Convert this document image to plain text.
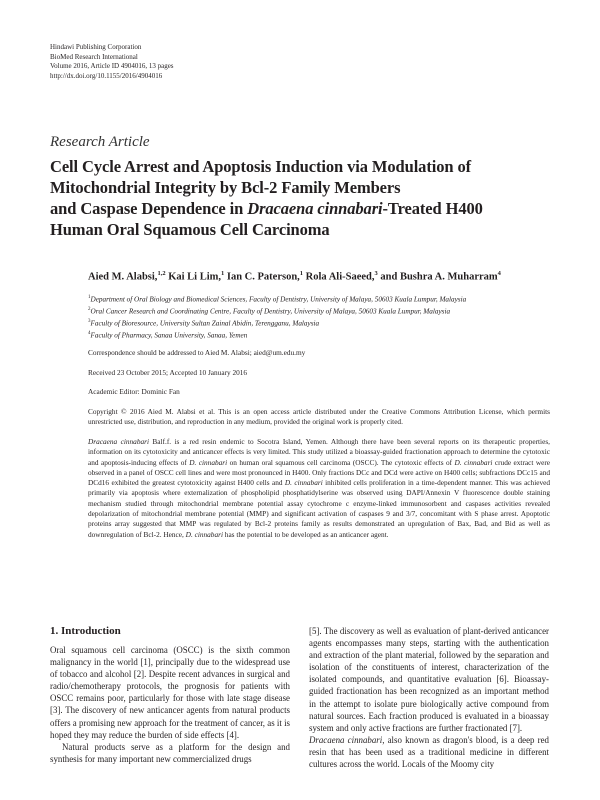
Hindawi Publishing Corporation
BioMed Research International
Volume 2016, Article ID 4904016, 13 pages
http://dx.doi.org/10.1155/2016/4904016
Research Article
Cell Cycle Arrest and Apoptosis Induction via Modulation of
Mitochondrial Integrity by Bcl-2 Family Members
and Caspase Dependence in Dracaena cinnabari-Treated H400
Human Oral Squamous Cell Carcinoma
Aied M. Alabsi,$^{1,2}$ Kai Li Lim,$^1$ Ian C. Paterson,$^1$ Rola Ali-Saeed,$^3$ and Bushra A. Muharram$^4$
$^1$Department of Oral Biology and Biomedical Sciences, Faculty of Dentistry, University of Malaya, 50603 Kuala Lumpur, Malaysia
$^2$Oral Cancer Research and Coordinating Centre, Faculty of Dentistry, University of Malaya, 50603 Kuala Lumpur, Malaysia
$^3$Faculty of Bioresource, University Sultan Zainal Abidin, Terengganu, Malaysia
$^4$Faculty of Pharmacy, Sanaa University, Sanaa, Yemen
Correspondence should be addressed to Aied M. Alabsi; aied@um.edu.my
Received 23 October 2015; Accepted 10 January 2016
Academic Editor: Dominic Fan
Copyright © 2016 Aied M. Alabsi et al. This is an open access article distributed under the Creative Commons Attribution License, which permits unrestricted use, distribution, and reproduction in any medium, provided the original work is properly cited.
Dracaena cinnabari Balf.f. is a red resin endemic to Socotra Island, Yemen. Although there have been several reports on its therapeutic properties, information on its cytotoxicity and anticancer effects is very limited. This study utilized a bioassay-guided fractionation approach to determine the cytotoxic and apoptosis-inducing effects of D. cinnabari on human oral squamous cell carcinoma (OSCC). The cytotoxic effects of D. cinnabari crude extract were observed in a panel of OSCC cell lines and were most pronounced in H400. Only fractions DCc and DCd were active on H400 cells; subfractions DCc15 and DCd16 exhibited the greatest cytotoxicity against H400 cells and D. cinnabari inhibited cells proliferation in a time-dependent manner. This was achieved primarily via apoptosis where externalization of phospholipid phosphatidylserine was observed using DAPI/Annexin V fluorescence double staining mechanism studied through mitochondrial membrane potential assay cytochrome c enzyme-linked immunosorbent and caspases activities revealed depolarization of mitochondrial membrane potential (MMP) and significant activation of caspases 9 and 3/7, concomitant with S phase arrest. Apoptotic proteins array suggested that MMP was regulated by Bcl-2 proteins family as results demonstrated an upregulation of Bax, Bad, and Bid as well as downregulation of Bcl-2. Hence, D. cinnabari has the potential to be developed as an anticancer agent.
1. Introduction

Oral squamous cell carcinoma (OSCC) is the sixth common malignancy in the world [1], principally due to the widespread use of tobacco and alcohol [2]. Despite recent advances in surgical and radio/chemotherapy protocols, the prognosis for patients with OSCC remains poor, particularly for those with late stage disease [3]. The discovery of new anticancer agents from natural products offers a promising new approach for the treatment of cancer, as it is hoped they may reduce the burden of side effects [4].

Natural products serve as a platform for the design and synthesis for many important new commercialized drugs

[5]. The discovery as well as evaluation of plant-derived anticancer agents encompasses many steps, starting with the authentication and extraction of the plant material, followed by the separation and isolation of the constituents of interest, characterization of the isolated compounds, and quantitative evaluation [6]. Bioassay-guided fractionation has been recognized as an important method in the attempt to isolate pure biologically active compound from natural sources. Each fraction produced is evaluated in a bioassay system and only active fractions are further fractionated [7].

Dracaena cinnabari, also known as dragon's blood, is a deep red resin that has been used as a traditional medicine in different cultures across the world. Locals of the Moomy city
